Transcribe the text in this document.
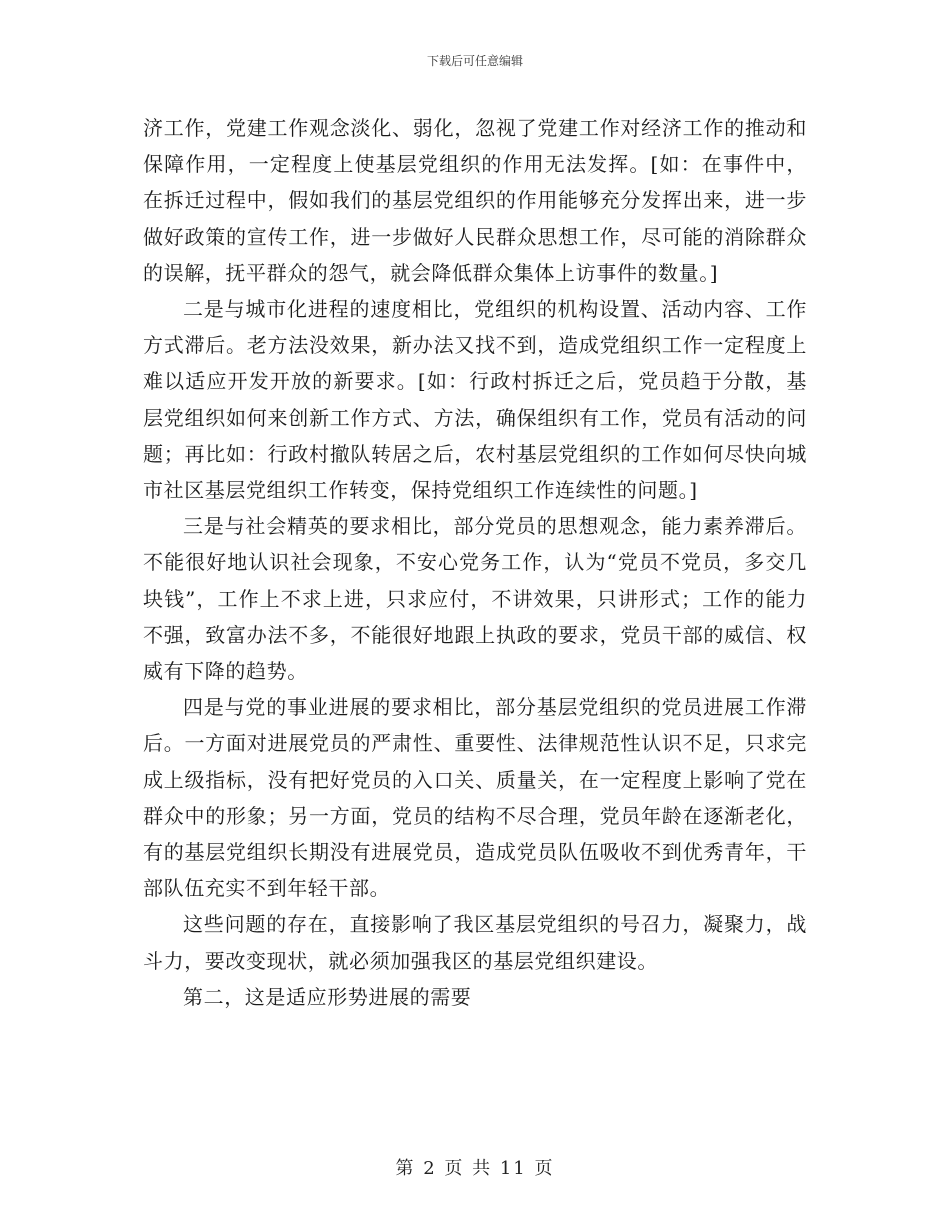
下载后可任意编辑

济工作，党建工作观念淡化、弱化，忽视了党建工作对经济工作的推动和保障作用，一定程度上使基层党组织的作用无法发挥。[如：在事件中，在拆迁过程中，假如我们的基层党组织的作用能够充分发挥出来，进一步做好政策的宣传工作，进一步做好人民群众思想工作，尽可能的消除群众的误解，抚平群众的怨气，就会降低群众集体上访事件的数量。]

二是与城市化进程的速度相比，党组织的机构设置、活动内容、工作方式滞后。老方法没效果，新办法又找不到，造成党组织工作一定程度上难以适应开发开放的新要求。[如：行政村拆迁之后，党员趋于分散，基层党组织如何来创新工作方式、方法，确保组织有工作，党员有活动的问题；再比如：行政村撤队转居之后，农村基层党组织的工作如何尽快向城市社区基层党组织工作转变，保持党组织工作连续性的问题。]

三是与社会精英的要求相比，部分党员的思想观念，能力素养滞后。不能很好地认识社会现象，不安心党务工作，认为“党员不党员，多交几块钱”，工作上不求上进，只求应付，不讲效果，只讲形式；工作的能力不强，致富办法不多，不能很好地跟上执政的要求，党员干部的威信、权威有下降的趋势。

四是与党的事业进展的要求相比，部分基层党组织的党员进展工作滞后。一方面对进展党员的严肃性、重要性、法律规范性认识不足，只求完成上级指标，没有把好党员的入口关、质量关，在一定程度上影响了党在群众中的形象；另一方面，党员的结构不尽合理，党员年龄在逐渐老化，有的基层党组织长期没有进展党员，造成党员队伍吸收不到优秀青年，干部队伍充实不到年轻干部。

这些问题的存在，直接影响了我区基层党组织的号召力，凝聚力，战斗力，要改变现状，就必须加强我区的基层党组织建设。

第二，这是适应形势进展的需要

第 2 页 共 11 页
